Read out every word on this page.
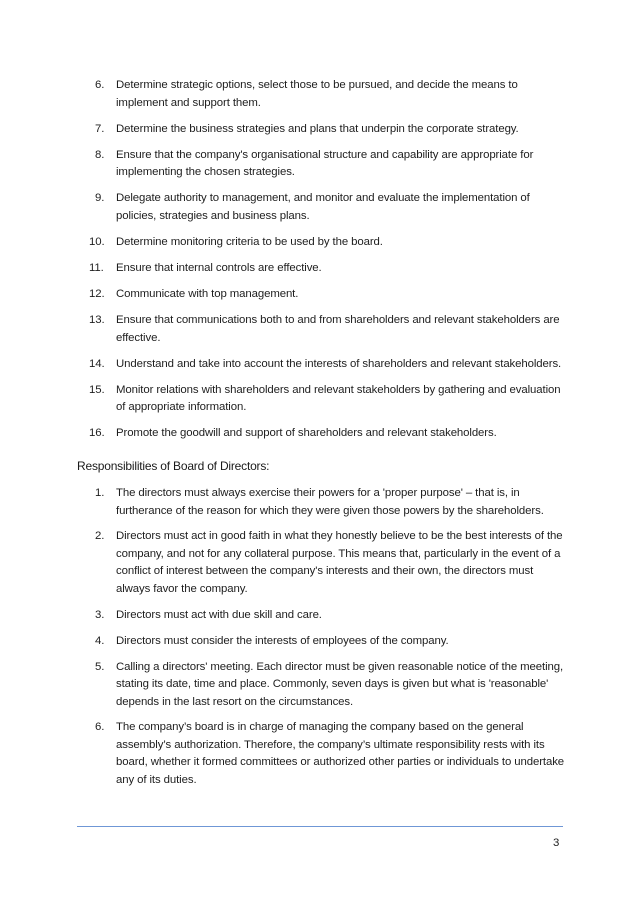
6. Determine strategic options, select those to be pursued, and decide the means to implement and support them.
7. Determine the business strategies and plans that underpin the corporate strategy.
8. Ensure that the company's organisational structure and capability are appropriate for implementing the chosen strategies.
9. Delegate authority to management, and monitor and evaluate the implementation of policies, strategies and business plans.
10. Determine monitoring criteria to be used by the board.
11. Ensure that internal controls are effective.
12. Communicate with top management.
13. Ensure that communications both to and from shareholders and relevant stakeholders are effective.
14. Understand and take into account the interests of shareholders and relevant stakeholders.
15. Monitor relations with shareholders and relevant stakeholders by gathering and evaluation of appropriate information.
16. Promote the goodwill and support of shareholders and relevant stakeholders.
Responsibilities of Board of Directors:
1. The directors must always exercise their powers for a 'proper purpose' – that is, in furtherance of the reason for which they were given those powers by the shareholders.
2. Directors must act in good faith in what they honestly believe to be the best interests of the company, and not for any collateral purpose. This means that, particularly in the event of a conflict of interest between the company's interests and their own, the directors must always favor the company.
3. Directors must act with due skill and care.
4. Directors must consider the interests of employees of the company.
5. Calling a directors' meeting. Each director must be given reasonable notice of the meeting, stating its date, time and place. Commonly, seven days is given but what is 'reasonable' depends in the last resort on the circumstances.
6. The company’s board is in charge of managing the company based on the general assembly’s authorization. Therefore, the company’s ultimate responsibility rests with its board, whether it formed committees or authorized other parties or individuals to undertake any of its duties.
3
